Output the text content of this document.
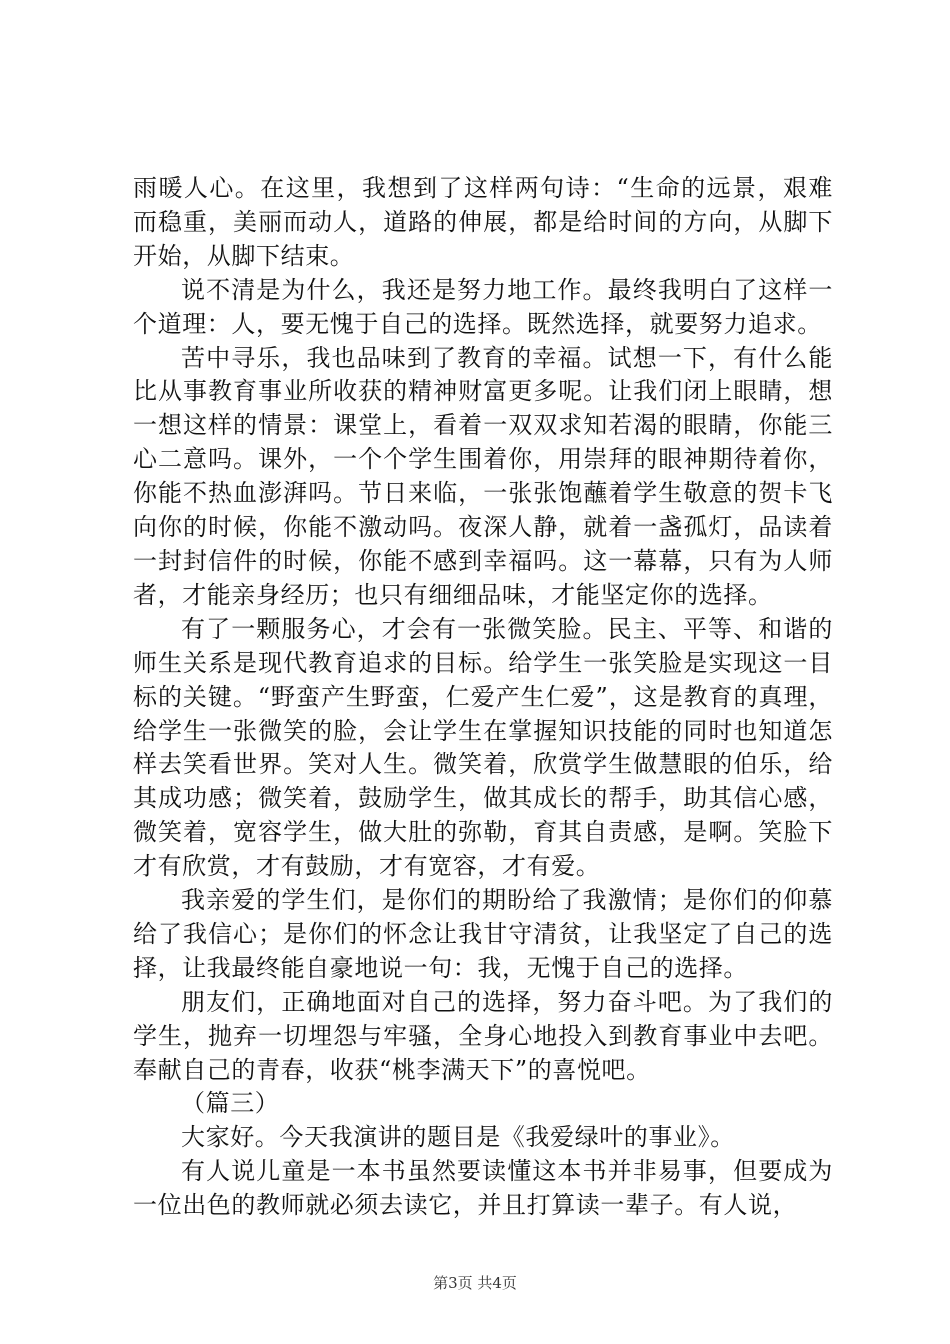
雨暖人心。在这里，我想到了这样两句诗：“生命的远景，艰难而稳重，美丽而动人，道路的伸展，都是给时间的方向，从脚下开始，从脚下结束。

说不清是为什么，我还是努力地工作。最终我明白了这样一个道理：人，要无愧于自己的选择。既然选择，就要努力追求。

苦中寻乐，我也品味到了教育的幸福。试想一下，有什么能比从事教育事业所收获的精神财富更多呢。让我们闭上眼睛，想一想这样的情景：课堂上，看着一双双求知若渴的眼睛，你能三心二意吗。课外，一个个学生围着你，用崇拜的眼神期待着你，你能不热血澎湃吗。节日来临，一张张饱蘸着学生敬意的贺卡飞向你的时候，你能不激动吗。夜深人静，就着一盏孤灯，品读着一封封信件的时候，你能不感到幸福吗。这一幕幕，只有为人师者，才能亲身经历；也只有细细品味，才能坚定你的选择。

有了一颗服务心，才会有一张微笑脸。民主、平等、和谐的师生关系是现代教育追求的目标。给学生一张笑脸是实现这一目标的关键。“野蛮产生野蛮，仁爱产生仁爱”，这是教育的真理，给学生一张微笑的脸，会让学生在掌握知识技能的同时也知道怎样去笑看世界。笑对人生。微笑着，欣赏学生做慧眼的伯乐，给其成功感；微笑着，鼓励学生，做其成长的帮手，助其信心感，微笑着，宽容学生，做大肚的弥勒，育其自责感，是啊。笑脸下才有欣赏，才有鼓励，才有宽容，才有爱。

我亲爱的学生们，是你们的期盼给了我激情；是你们的仰慕给了我信心；是你们的怀念让我甘守清贫，让我坚定了自己的选择，让我最终能自豪地说一句：我，无愧于自己的选择。

朋友们，正确地面对自己的选择，努力奋斗吧。为了我们的学生，抛弃一切埋怨与牢骚，全身心地投入到教育事业中去吧。奉献自己的青春，收获“桃李满天下”的喜悦吧。

（篇三）

大家好。今天我演讲的题目是《我爱绿叶的事业》。

有人说儿童是一本书虽然要读懂这本书并非易事，但要成为一位出色的教师就必须去读它，并且打算读一辈子。有人说，

第3页 共4页
